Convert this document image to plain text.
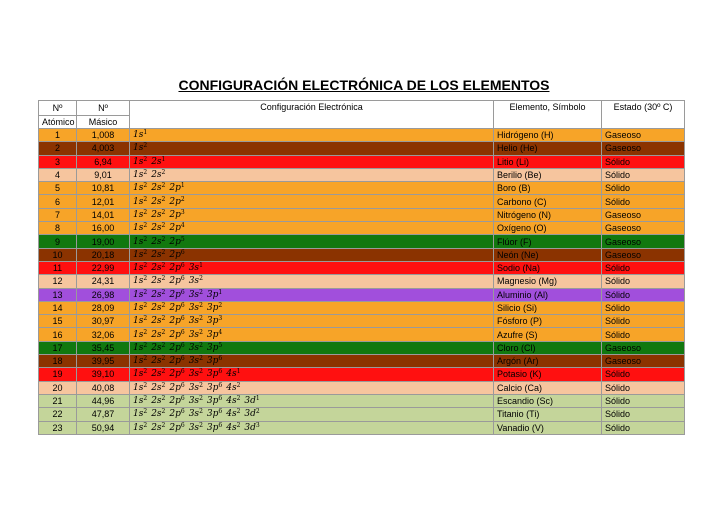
CONFIGURACIÓN ELECTRÓNICA DE LOS ELEMENTOS
Nº	Nº	Configuración Electrónica	Elemento, Símbolo	Estado (30º C)
Atómico	Másico			
1	1,008	$1s^1$	Hidrógeno (H)	Gaseoso
2	4,003	$1s^2$	Helio (He)	Gaseoso
3	6,94	$1s^2$ $2s^1$	Litio (Li)	Sólido
4	9,01	$1s^2$ $2s^2$	Berilio (Be)	Sólido
5	10,81	$1s^2$ $2s^2$ $2p^1$	Boro (B)	Sólido
6	12,01	$1s^2$ $2s^2$ $2p^2$	Carbono (C)	Sólido
7	14,01	$1s^2$ $2s^2$ $2p^3$	Nitrógeno (N)	Gaseoso
8	16,00	$1s^2$ $2s^2$ $2p^4$	Oxígeno (O)	Gaseoso
9	19,00	$1s^2$ $2s^2$ $2p^5$	Flúor (F)	Gaseoso
10	20,18	$1s^2$ $2s^2$ $2p^6$	Neón (Ne)	Gaseoso
11	22,99	$1s^2$ $2s^2$ $2p^6$ $3s^1$	Sodio (Na)	Sólido
12	24,31	$1s^2$ $2s^2$ $2p^6$ $3s^2$	Magnesio (Mg)	Sólido
13	26,98	$1s^2$ $2s^2$ $2p^6$ $3s^2$ $3p^1$	Aluminio (Al)	Sólido
14	28,09	$1s^2$ $2s^2$ $2p^6$ $3s^2$ $3p^2$	Silicio (Si)	Sólido
15	30,97	$1s^2$ $2s^2$ $2p^6$ $3s^2$ $3p^3$	Fósforo (P)	Sólido
16	32,06	$1s^2$ $2s^2$ $2p^6$ $3s^2$ $3p^4$	Azufre (S)	Sólido
17	35,45	$1s^2$ $2s^2$ $2p^6$ $3s^2$ $3p^5$	Cloro (Cl)	Gaseoso
18	39,95	$1s^2$ $2s^2$ $2p^6$ $3s^2$ $3p^6$	Argón (Ar)	Gaseoso
19	39,10	$1s^2$ $2s^2$ $2p^6$ $3s^2$ $3p^6$ $4s^1$	Potasio (K)	Sólido
20	40,08	$1s^2$ $2s^2$ $2p^6$ $3s^2$ $3p^6$ $4s^2$	Calcio (Ca)	Sólido
21	44,96	$1s^2$ $2s^2$ $2p^6$ $3s^2$ $3p^6$ $4s^2$ $3d^1$	Escandio (Sc)	Sólido
22	47,87	$1s^2$ $2s^2$ $2p^6$ $3s^2$ $3p^6$ $4s^2$ $3d^2$	Titanio (Ti)	Sólido
23	50,94	$1s^2$ $2s^2$ $2p^6$ $3s^2$ $3p^6$ $4s^2$ $3d^3$	Vanadio (V)	Sólido
